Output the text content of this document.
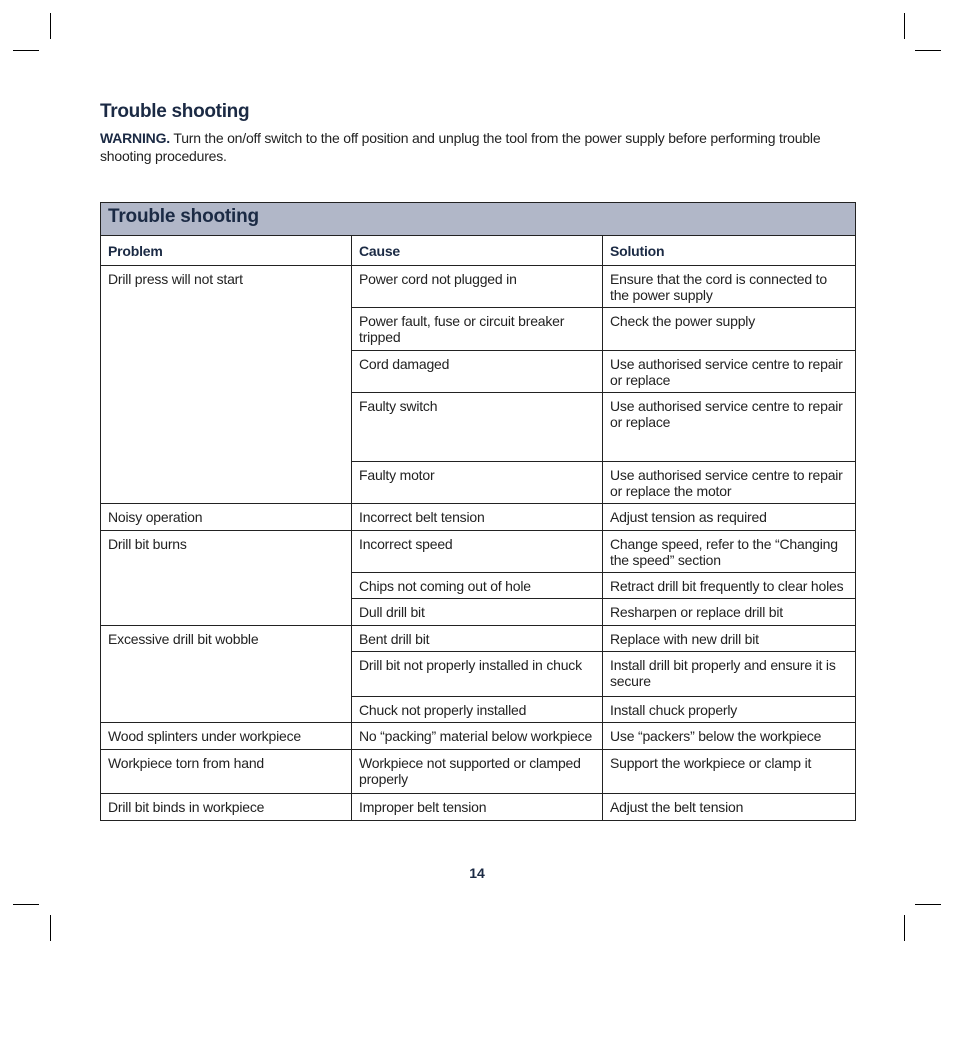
Trouble shooting
WARNING. Turn the on/off switch to the off position and unplug the tool from the power supply before performing trouble shooting procedures.
Trouble shooting		
Problem	Cause	Solution
Drill press will not start	Power cord not plugged in	Ensure that the cord is connected to the power supply
	Power fault, fuse or circuit breaker tripped	Check the power supply
	Cord damaged	Use authorised service centre to repair or replace
	Faulty switch	Use authorised service centre to repair or replace
	Faulty motor	Use authorised service centre to repair or replace the motor
Noisy operation	Incorrect belt tension	Adjust tension as required
Drill bit burns	Incorrect speed	Change speed, refer to the “Changing the speed” section
	Chips not coming out of hole	Retract drill bit frequently to clear holes
	Dull drill bit	Resharpen or replace drill bit
Excessive drill bit wobble	Bent drill bit	Replace with new drill bit
	Drill bit not properly installed in chuck	Install drill bit properly and ensure it is secure
	Chuck not properly installed	Install chuck properly
Wood splinters under workpiece	No “packing” material below workpiece	Use “packers” below the workpiece
Workpiece torn from hand	Workpiece not supported or clamped properly	Support the workpiece or clamp it
Drill bit binds in workpiece	Improper belt tension	Adjust the belt tension
14
